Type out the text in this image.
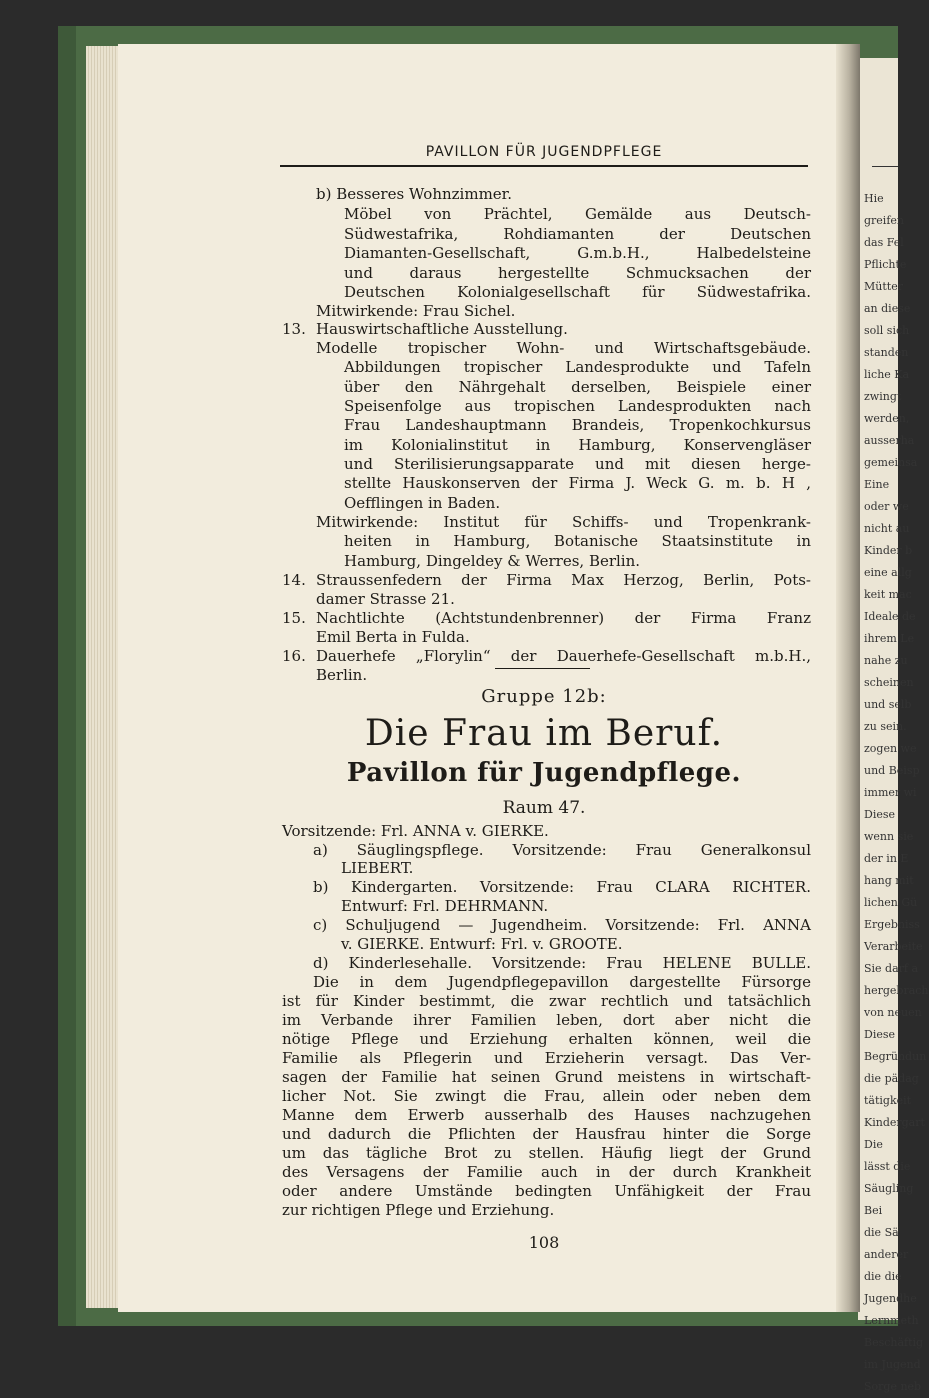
Hie
greifen
das Fel
Pflichte
Mütter
an diese
soll sich
standen
liche Ka
zwingt
werden,
ausserha
gemeinsa
Eine
oder we
nicht au
Kinder b
eine allg
keit mac
Ideale de
ihrem Le
nahe zu
scheinen
und selb
zu sein.
zogen we
und Beisp
immer wi
Diese
wenn sie
der in E
hang mit
lichen Gü
Ergebniss
Verarbeite
Sie darf a
hergebrach
von neuen
Diese
Begründun
die pädag
tätigkeit
Kindergart
Die
lässt die
Säugling
Bei
die Sä
anderer
die die
Jugendhe
Lernmeth
Beschäftig
im Jugend
Sorge neb
PAVILLON FÜR JUGENDPFLEGE
b) Besseres Wohnzimmer.
Möbel von Prächtel, Gemälde aus Deutsch-
Südwestafrika, Rohdiamanten der Deutschen
Diamanten-Gesellschaft, G.m.b.H., Halbedelsteine
und daraus hergestellte Schmucksachen der
Deutschen Kolonialgesellschaft für Südwestafrika.
Mitwirkende: Frau Sichel.
13. Hauswirtschaftliche Ausstellung.
Modelle tropischer Wohn- und Wirtschaftsgebäude.
Abbildungen tropischer Landesprodukte und Tafeln
über den Nährgehalt derselben, Beispiele einer
Speisenfolge aus tropischen Landesprodukten nach
Frau Landeshauptmann Brandeis, Tropenkochkursus
im Kolonialinstitut in Hamburg, Konservengläser
und Sterilisierungsapparate und mit diesen herge-
stellte Hauskonserven der Firma J. Weck G. m. b. H ,
Oefflingen in Baden.
Mitwirkende: Institut für Schiffs- und Tropenkrank-
heiten in Hamburg, Botanische Staatsinstitute in
Hamburg, Dingeldey & Werres, Berlin.
14. Straussenfedern der Firma Max Herzog, Berlin, Pots-
damer Strasse 21.
15. Nachtlichte (Achtstundenbrenner) der Firma Franz
Emil Berta in Fulda.
16. Dauerhefe „Florylin“ der Dauerhefe-Gesellschaft m.b.H.,
Berlin.
Gruppe 12b:
Die Frau im Beruf.
Pavillon für Jugendpflege.
Raum 47.
Vorsitzende: Frl. ANNA v. GIERKE.
a) Säuglingspflege. Vorsitzende: Frau Generalkonsul
LIEBERT.
b) Kindergarten. Vorsitzende: Frau CLARA RICHTER.
Entwurf: Frl. DEHRMANN.
c) Schuljugend — Jugendheim. Vorsitzende: Frl. ANNA
v. GIERKE. Entwurf: Frl. v. GROOTE.
d) Kinderlesehalle. Vorsitzende: Frau HELENE BULLE.
Die in dem Jugendpflegepavillon dargestellte Fürsorge
ist für Kinder bestimmt, die zwar rechtlich und tatsächlich
im Verbande ihrer Familien leben, dort aber nicht die
nötige Pflege und Erziehung erhalten können, weil die
Familie als Pflegerin und Erzieherin versagt. Das Ver-
sagen der Familie hat seinen Grund meistens in wirtschaft-
licher Not. Sie zwingt die Frau, allein oder neben dem
Manne dem Erwerb ausserhalb des Hauses nachzugehen
und dadurch die Pflichten der Hausfrau hinter die Sorge
um das tägliche Brot zu stellen. Häufig liegt der Grund
des Versagens der Familie auch in der durch Krankheit
oder andere Umstände bedingten Unfähigkeit der Frau
zur richtigen Pflege und Erziehung.
108
